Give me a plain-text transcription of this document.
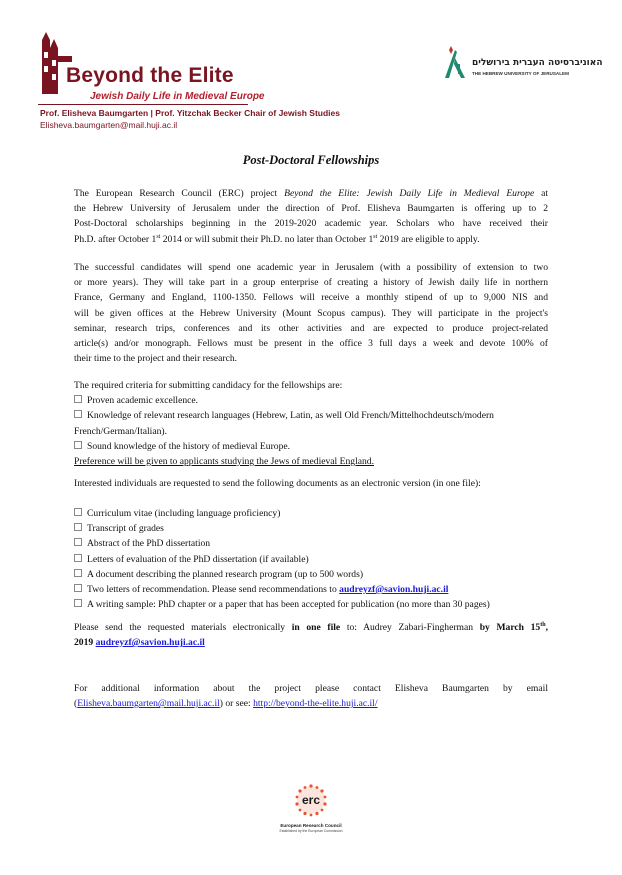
Beyond the Elite
Jewish Daily Life in Medieval Europe
Prof. Elisheva Baumgarten | Prof. Yitzchak Becker Chair of Jewish Studies
Elisheva.baumgarten@mail.huji.ac.il
האוניברסיטה העברית בירושלים
THE HEBREW UNIVERSITY OF JERUSALEM
Post-Doctoral Fellowships
The European Research Council (ERC) project Beyond the Elite: Jewish Daily Life in Medieval Europe at
the Hebrew University of Jerusalem under the direction of Prof. Elisheva Baumgarten is offering up to 2
Post-Doctoral scholarships beginning in the 2019-2020 academic year. Scholars who have received their
Ph.D. after October 1st 2014 or will submit their Ph.D. no later than October 1st 2019 are eligible to apply.
The successful candidates will spend one academic year in Jerusalem (with a possibility of extension to two
or more years). They will take part in a group enterprise of creating a history of Jewish daily life in northern
France, Germany and England, 1100-1350. Fellows will receive a monthly stipend of up to 9,000 NIS and
will be given offices at the Hebrew University (Mount Scopus campus). They will participate in the project's
seminar, research trips, conferences and its other activities and are expected to produce project-related
article(s) and/or monograph. Fellows must be present in the office 3 full days a week and devote 100% of
their time to the project and their research.
The required criteria for submitting candidacy for the fellowships are:
Proven academic excellence.
Knowledge of relevant research languages (Hebrew, Latin, as well Old French/Mittelhochdeutsch/modern
French/German/Italian).
Sound knowledge of the history of medieval Europe.
Preference will be given to applicants studying the Jews of medieval England.
Interested individuals are requested to send the following documents as an electronic version (in one file):
Curriculum vitae (including language proficiency)
Transcript of grades
Abstract of the PhD dissertation
Letters of evaluation of the PhD dissertation (if available)
A document describing the planned research program (up to 500 words)
Two letters of recommendation. Please send recommendations to audreyzf@savion.huji.ac.il
A writing sample: PhD chapter or a paper that has been accepted for publication (no more than 30 pages)
Please send the requested materials electronically in one file to: Audrey Zabari-Fingherman by March 15th,
2019 audreyzf@savion.huji.ac.il
For additional information about the project please contact Elisheva Baumgarten by email
(Elisheva.baumgarten@mail.huji.ac.il) or see: http://beyond-the-elite.huji.ac.il/
erc
European Research Council
Established by the European Commission
